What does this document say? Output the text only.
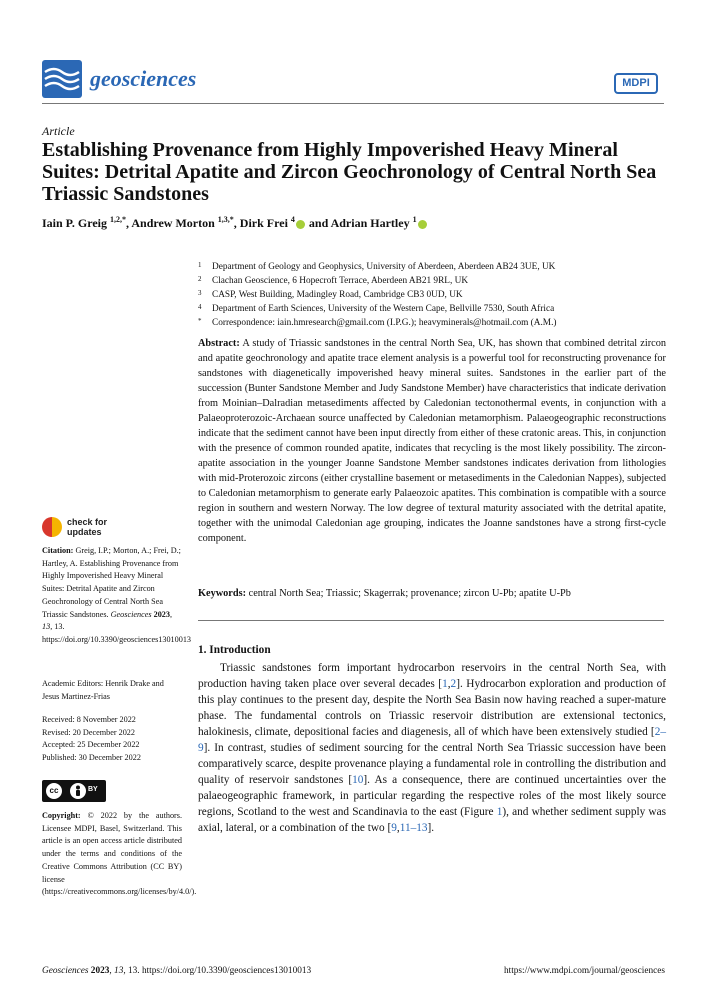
geosciences	MDPI
Article
Establishing Provenance from Highly Impoverished Heavy Mineral Suites: Detrital Apatite and Zircon Geochronology of Central North Sea Triassic Sandstones
Iain P. Greig $^{1,2,*}$, Andrew Morton $^{1,3,*}$, Dirk Frei $^4$ and Adrian Hartley $^1$
1 Department of Geology and Geophysics, University of Aberdeen, Aberdeen AB24 3UE, UK
2 Clachan Geoscience, 6 Hopecroft Terrace, Aberdeen AB21 9RL, UK
3 CASP, West Building, Madingley Road, Cambridge CB3 0UD, UK
4 Department of Earth Sciences, University of the Western Cape, Bellville 7530, South Africa
* Correspondence: iain.hmresearch@gmail.com (I.P.G.); heavyminerals@hotmail.com (A.M.)
Abstract: A study of Triassic sandstones in the central North Sea, UK, has shown that combined detrital zircon and apatite geochronology and apatite trace element analysis is a powerful tool for reconstructing provenance for sandstones with diagenetically impoverished heavy mineral suites. Sandstones in the earlier part of the succession (Bunter Sandstone Member and Judy Sandstone Member) have characteristics that indicate derivation from Moinian–Dalradian metasediments affected by Caledonian tectonothermal events, in conjunction with a Palaeoproterozoic-Archaean source unaffected by Caledonian metamorphism. Palaeogeographic reconstructions indicate that the sediment cannot have been input directly from either of these cratonic areas. This, in conjunction with the presence of common rounded apatite, indicates that recycling is the most likely possibility. The zircon-apatite association in the younger Joanne Sandstone Member sandstones indicates derivation from lithologies with mid-Proterozoic zircons (either crystalline basement or metasediments in the Caledonian Nappes), subjected to Caledonian metamorphism to generate early Palaeozoic apatites. This combination is compatible with a source region in southern and western Norway. The low degree of textural maturity associated with the detrital apatite, together with the unimodal Caledonian age grouping, indicates the Joanne sandstones have a strong first-cycle component.
Keywords: central North Sea; Triassic; Skagerrak; provenance; zircon U-Pb; apatite U-Pb
1. Introduction
Triassic sandstones form important hydrocarbon reservoirs in the central North Sea, with production having taken place over several decades [1,2]. Hydrocarbon exploration and production of this play continues to the present day, despite the North Sea Basin now having reached a super-mature phase. The fundamental controls on Triassic reservoir distribution are extensional tectonics, halokinesis, climate, depositional facies and diagenesis, all of which have been extensively studied [2–9]. In contrast, studies of sediment sourcing for the central North Sea Triassic succession have been comparatively scarce, despite provenance playing a fundamental role in controlling the distribution and quality of reservoir sandstones [10]. As a consequence, there are continued uncertainties over the palaeogeographic framework, in particular regarding the respective roles of the most likely source regions, Scotland to the west and Scandinavia to the east (Figure 1), and whether sediment supply was axial, lateral, or a combination of the two [9,11–13].
check for
updates
Citation: Greig, I.P.; Morton, A.; Frei, D.; Hartley, A. Establishing Provenance from Highly Impoverished Heavy Mineral Suites: Detrital Apatite and Zircon Geochronology of Central North Sea Triassic Sandstones. Geosciences 2023, 13, 13. https://doi.org/10.3390/geosciences13010013
Academic Editors: Henrik Drake and Jesus Martinez-Frias
Received: 8 November 2022
Revised: 20 December 2022
Accepted: 25 December 2022
Published: 30 December 2022
cc	BY
Copyright: © 2022 by the authors. Licensee MDPI, Basel, Switzerland. This article is an open access article distributed under the terms and conditions of the Creative Commons Attribution (CC BY) license (https://creativecommons.org/licenses/by/4.0/).
Geosciences 2023, 13, 13. https://doi.org/10.3390/geosciences13010013	https://www.mdpi.com/journal/geosciences
